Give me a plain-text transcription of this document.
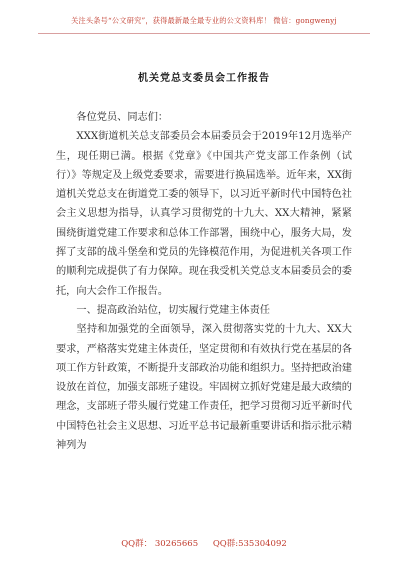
关注头条号“公文研究”，获得最新最全最专业的公文资料库！ 微信：gongwenyj
机关党总支委员会工作报告

各位党员、同志们：

XXX街道机关总支部委员会本届委员会于2019年12月选举产生，现任期已满。根据《党章》《中国共产党支部工作条例（试行）》等规定及上级党委要求，需要进行换届选举。近年来，XX街道机关党总支在街道党工委的领导下，以习近平新时代中国特色社会主义思想为指导，认真学习贯彻党的十九大、XX大精神，紧紧围绕街道党建工作要求和总体工作部署，围绕中心，服务大局，发挥了支部的战斗堡垒和党员的先锋模范作用，为促进机关各项工作的顺利完成提供了有力保障。现在我受机关党总支本届委员会的委托，向大会作工作报告。

一、提高政治站位，切实履行党建主体责任

坚持和加强党的全面领导，深入贯彻落实党的十九大、XX大要求，严格落实党建主体责任，坚定贯彻和有效执行党在基层的各项工作方针政策，不断提升支部政治功能和组织力。坚持把政治建设放在首位，加强支部班子建设。牢固树立抓好党建是最大政绩的理念，支部班子带头履行党建工作责任，把学习贯彻习近平新时代中国特色社会主义思想、习近平总书记最新重要讲话和指示批示精神列为

QQ群： 30265665 QQ群:535304092
